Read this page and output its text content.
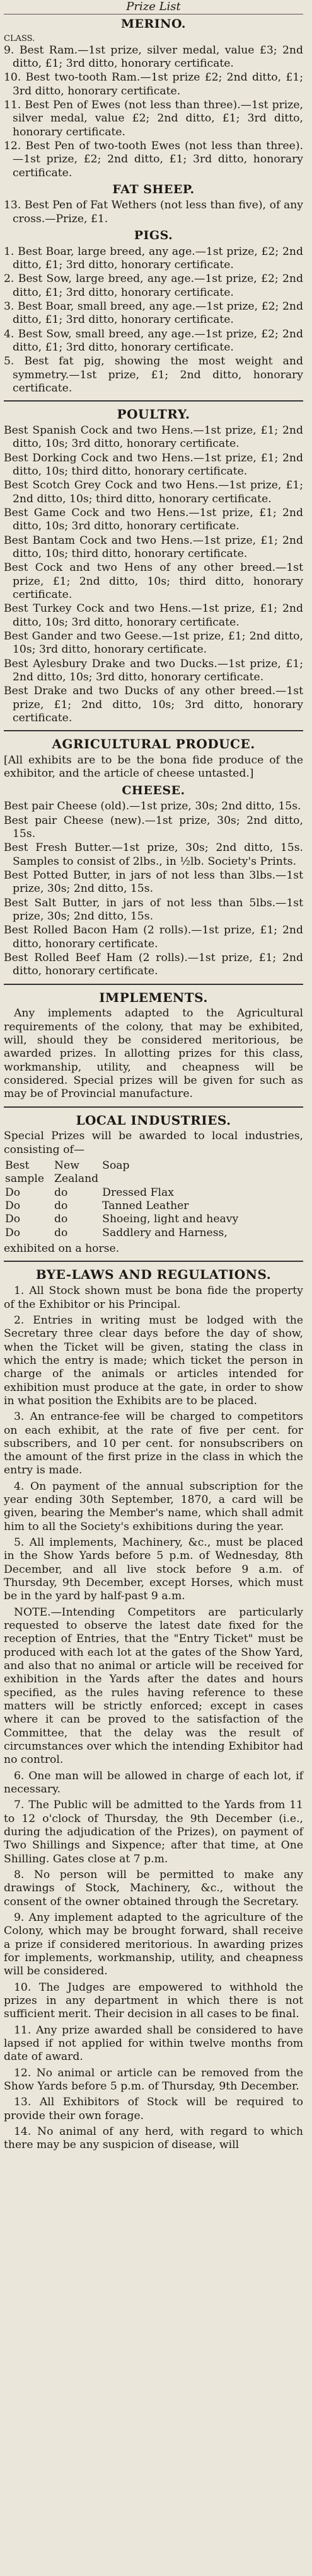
Prize List
MERINO.

CLASS.

9. Best Ram.—1st prize, silver medal, value £3; 2nd ditto, £1; 3rd ditto, honorary certificate.

10. Best two-tooth Ram.—1st prize £2; 2nd ditto, £1; 3rd ditto, honorary certificate.

11. Best Pen of Ewes (not less than three).—1st prize, silver medal, value £2; 2nd ditto, £1; 3rd ditto, honorary certificate.

12. Best Pen of two-tooth Ewes (not less than three).—1st prize, £2; 2nd ditto, £1; 3rd ditto, honorary certificate.

FAT SHEEP.

13. Best Pen of Fat Wethers (not less than five), of any cross.—Prize, £1.

PIGS.

1. Best Boar, large breed, any age.—1st prize, £2; 2nd ditto, £1; 3rd ditto, honorary certificate.

2. Best Sow, large breed, any age.—1st prize, £2; 2nd ditto, £1; 3rd ditto, honorary certificate.

3. Best Boar, small breed, any age.—1st prize, £2; 2nd ditto, £1; 3rd ditto, honorary certificate.

4. Best Sow, small breed, any age.—1st prize, £2; 2nd ditto, £1; 3rd ditto, honorary certificate.

5. Best fat pig, showing the most weight and symmetry.—1st prize, £1; 2nd ditto, honorary certificate.

POULTRY.

Best Spanish Cock and two Hens.—1st prize, £1; 2nd ditto, 10s; 3rd ditto, honorary certificate.

Best Dorking Cock and two Hens.—1st prize, £1; 2nd ditto, 10s; third ditto, honorary certificate.

Best Scotch Grey Cock and two Hens.—1st prize, £1; 2nd ditto, 10s; third ditto, honorary certificate.

Best Game Cock and two Hens.—1st prize, £1; 2nd ditto, 10s; 3rd ditto, honorary certificate.

Best Bantam Cock and two Hens.—1st prize, £1; 2nd ditto, 10s; third ditto, honorary certificate.

Best Cock and two Hens of any other breed.—1st prize, £1; 2nd ditto, 10s; third ditto, honorary certificate.

Best Turkey Cock and two Hens.—1st prize, £1; 2nd ditto, 10s; 3rd ditto, honorary certificate.

Best Gander and two Geese.—1st prize, £1; 2nd ditto, 10s; 3rd ditto, honorary certificate.

Best Aylesbury Drake and two Ducks.—1st prize, £1; 2nd ditto, 10s; 3rd ditto, honorary certificate.

Best Drake and two Ducks of any other breed.—1st prize, £1; 2nd ditto, 10s; 3rd ditto, honorary certificate.

AGRICULTURAL PRODUCE.

[All exhibits are to be the bona fide produce of the exhibitor, and the article of cheese untasted.]

CHEESE.

Best pair Cheese (old).—1st prize, 30s; 2nd ditto, 15s.

Best pair Cheese (new).—1st prize, 30s; 2nd ditto, 15s.

Best Fresh Butter.—1st prize, 30s; 2nd ditto, 15s. Samples to consist of 2lbs., in ½lb. Society's Prints.

Best Potted Butter, in jars of not less than 3lbs.—1st prize, 30s; 2nd ditto, 15s.

Best Salt Butter, in jars of not less than 5lbs.—1st prize, 30s; 2nd ditto, 15s.

Best Rolled Bacon Ham (2 rolls).—1st prize, £1; 2nd ditto, honorary certificate.

Best Rolled Beef Ham (2 rolls).—1st prize, £1; 2nd ditto, honorary certificate.

IMPLEMENTS.

Any implements adapted to the Agricultural requirements of the colony, that may be exhibited, will, should they be considered meritorious, be awarded prizes. In allotting prizes for this class, workmanship, utility, and cheapness will be considered. Special prizes will be given for such as may be of Provincial manufacture.

LOCAL INDUSTRIES.

Special Prizes will be awarded to local industries, consisting of—

Best sample	New Zealand	Soap
Do	do	Dressed Flax
Do	do	Tanned Leather
Do	do	Shoeing, light and heavy
Do	do	Saddlery and Harness,

exhibited on a horse.

BYE-LAWS AND REGULATIONS.

1. All Stock shown must be bona fide the property of the Exhibitor or his Principal.

2. Entries in writing must be lodged with the Secretary three clear days before the day of show, when the Ticket will be given, stating the class in which the entry is made; which ticket the person in charge of the animals or articles intended for exhibition must produce at the gate, in order to show in what position the Exhibits are to be placed.

3. An entrance-fee will be charged to competitors on each exhibit, at the rate of five per cent. for subscribers, and 10 per cent. for nonsubscribers on the amount of the first prize in the class in which the entry is made.

4. On payment of the annual subscription for the year ending 30th September, 1870, a card will be given, bearing the Member's name, which shall admit him to all the Society's exhibitions during the year.

5. All implements, Machinery, &c., must be placed in the Show Yards before 5 p.m. of Wednesday, 8th December, and all live stock before 9 a.m. of Thursday, 9th December, except Horses, which must be in the yard by half-past 9 a.m.

NOTE.—Intending Competitors are particularly requested to observe the latest date fixed for the reception of Entries, that the "Entry Ticket" must be produced with each lot at the gates of the Show Yard, and also that no animal or article will be received for exhibition in the Yards after the dates and hours specified, as the rules having reference to these matters will be strictly enforced; except in cases where it can be proved to the satisfaction of the Committee, that the delay was the result of circumstances over which the intending Exhibitor had no control.

6. One man will be allowed in charge of each lot, if necessary.

7. The Public will be admitted to the Yards from 11 to 12 o'clock of Thursday, the 9th December (i.e., during the adjudication of the Prizes), on payment of Two Shillings and Sixpence; after that time, at One Shilling. Gates close at 7 p.m.

8. No person will be permitted to make any drawings of Stock, Machinery, &c., without the consent of the owner obtained through the Secretary.

9. Any implement adapted to the agriculture of the Colony, which may be brought forward, shall receive a prize if considered meritorious. In awarding prizes for implements, workmanship, utility, and cheapness will be considered.

10. The Judges are empowered to withhold the prizes in any department in which there is not sufficient merit. Their decision in all cases to be final.

11. Any prize awarded shall be considered to have lapsed if not applied for within twelve months from date of award.

12. No animal or article can be removed from the Show Yards before 5 p.m. of Thursday, 9th December.

13. All Exhibitors of Stock will be required to provide their own forage.

14. No animal of any herd, with regard to which there may be any suspicion of disease, will
